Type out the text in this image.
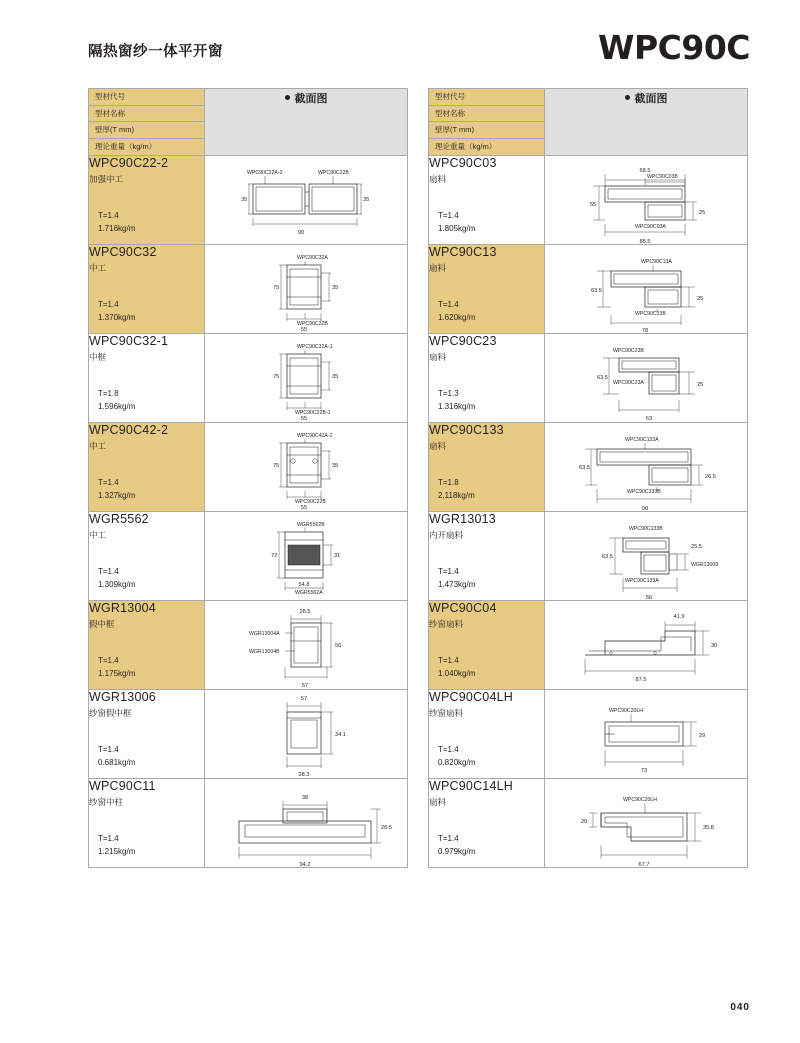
隔热窗纱一体平开窗	WPC90C
型材代号
型材名称
壁厚(T mm)
理论重量（kg/m）	截面图

WPC90C22-2
加强中工
T=1.4
1.716kg/m

WPC90C22A-2	WPC90C22B
35	35
90

WPC90C32
中工
T=1.4
1.370kg/m

WPC90C32A
WPC90C22B
75	35
55

WPC90C32-1
中框
T=1.8
1.596kg/m

WPC90C32A-1
WPC90C22B-1
75	35
55

WPC90C42-2
中工
T=1.4
1.327kg/m

WPC90C42A-2
WPC90C22B
75	35
55

WGR5562
中工
T=1.4
1.309kg/m

WGR5562B
WGR5562A
72	31
54.8

WGR13004
假中框
T=1.4
1.175kg/m

WGR13004A
WGR13004B
28.5
56
57

WGR13006
纱窗假中框
T=1.4
0.681kg/m

57
34.1
28.3

WPC90C11
纱窗中柱
T=1.4
1.215kg/m

38
26.5
94.2
型材代号
型材名称
壁厚(T mm)
理论重量（kg/m）	截面图

WPC90C03
扇料
T=1.4
1.805kg/m

68.5
WPC90C03B
WPC90C03A
55
25
88.5

WPC90C13
扇料
T=1.4
1.620kg/m

WPC90C13A
WPC90C13B
63.5
25
78

WPC90C23
扇料
T=1.3
1.316kg/m

WPC90C23B
WPC90C23A
63.5
25
63

WPC90C133
扇料
T=1.8
2.118kg/m

WPC90C133A
WPC90C133B
63.5
26.5
90

WGR13013
内开扇料
T=1.4
1.473kg/m

WPC90C133B
WPC90C133A
WGR13009
63.5
25.5
56

WPC90C04
纱窗扇料
T=1.4
1.040kg/m

41.9
30
87.5

WPC90C04LH
纱窗扇料
T=1.4
0.820kg/m

WPC90C20LH
29
73

WPC90C14LH
扇料
T=1.4
0.979kg/m

WPC90C20LH
20
35.8
67.7
040
